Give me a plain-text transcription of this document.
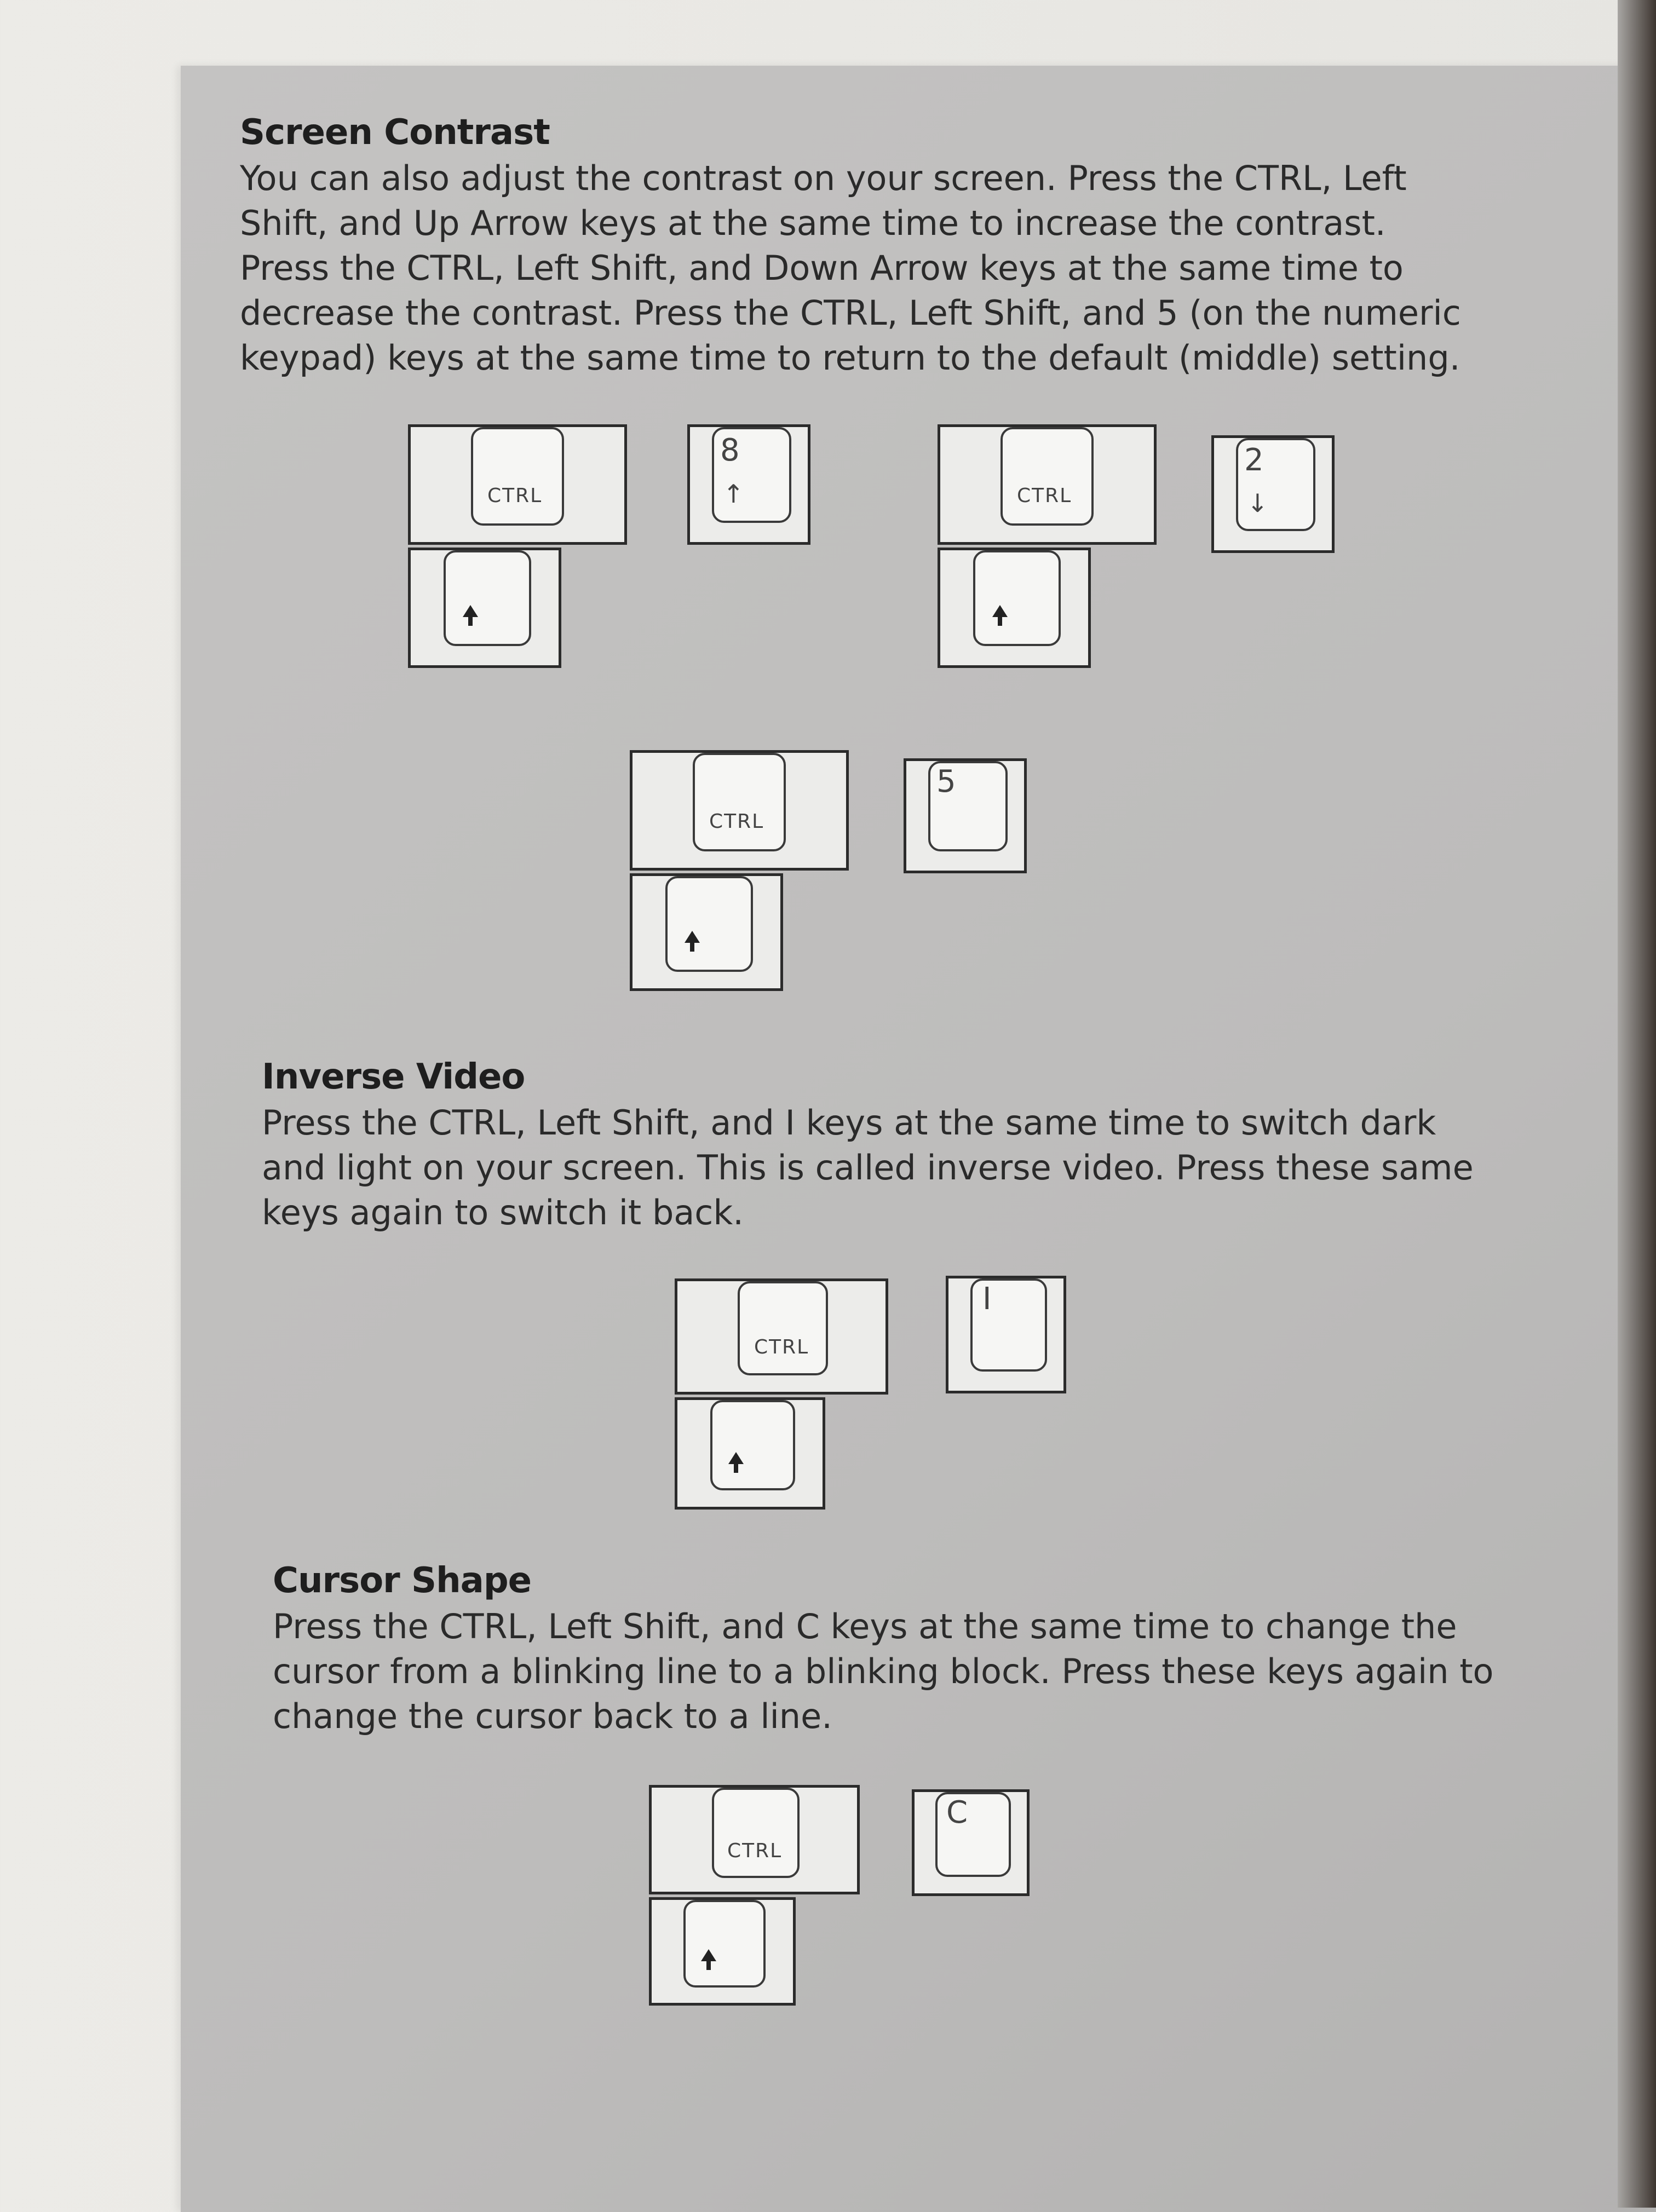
Screen Contrast

You can also adjust the contrast on your screen. Press the CTRL, Left
Shift, and Up Arrow keys at the same time to increase the contrast.
Press the CTRL, Left Shift, and Down Arrow keys at the same time to
decrease the contrast. Press the CTRL, Left Shift, and 5 (on the numeric
keypad) keys at the same time to return to the default (middle) setting.

CTRL
8
↑	CTRL
2
↓
CTRL
5
Inverse Video

Press the CTRL, Left Shift, and I keys at the same time to switch dark
and light on your screen. This is called inverse video. Press these same
keys again to switch it back.

CTRL
I
Cursor Shape

Press the CTRL, Left Shift, and C keys at the same time to change the
cursor from a blinking line to a blinking block. Press these keys again to
change the cursor back to a line.

CTRL
C
